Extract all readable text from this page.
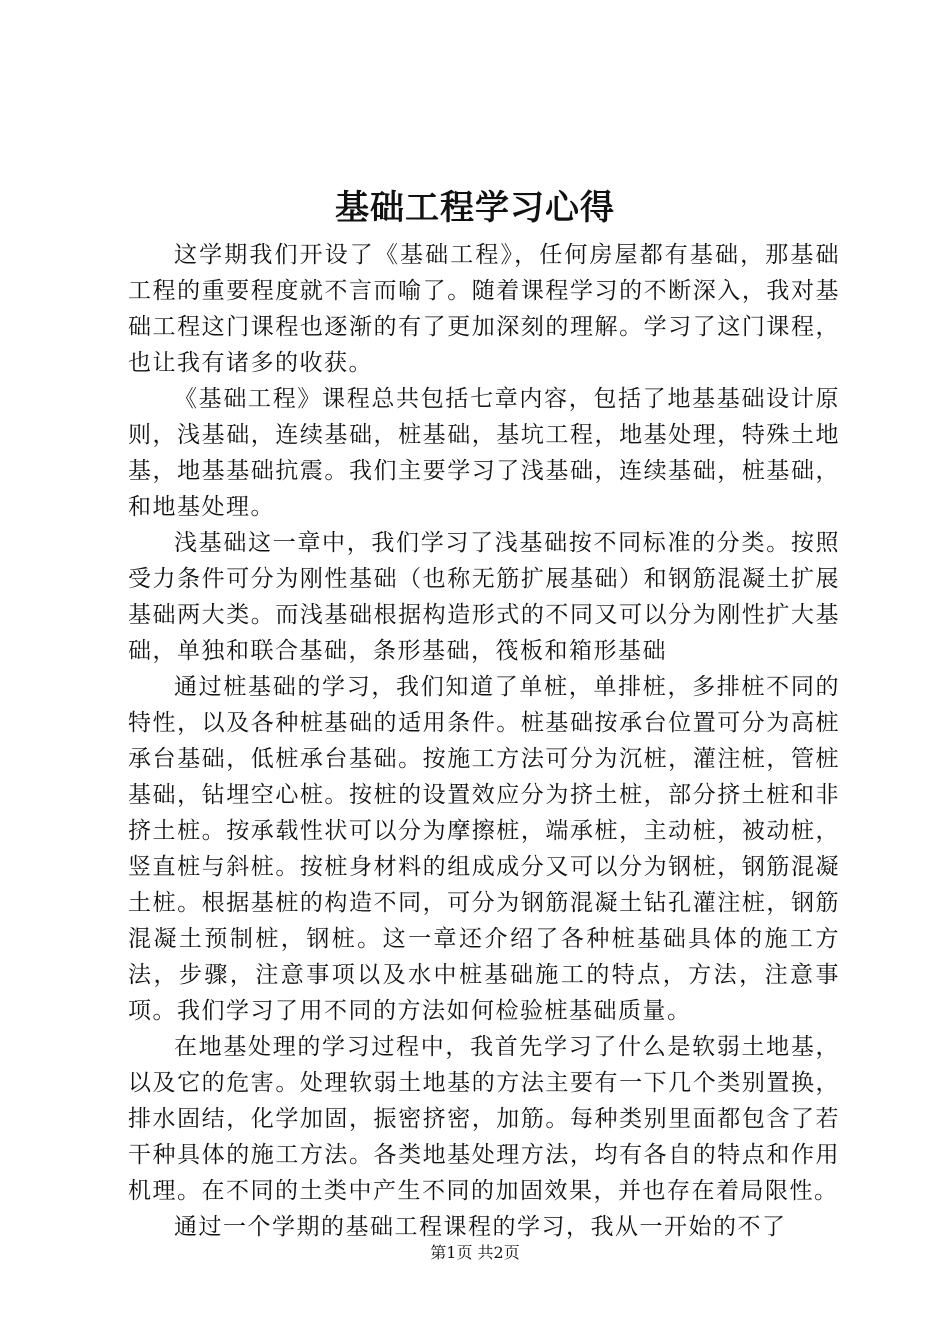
基础工程学习心得

这学期我们开设了《基础工程》，任何房屋都有基础，那基础工程的重要程度就不言而喻了。随着课程学习的不断深入，我对基础工程这门课程也逐渐的有了更加深刻的理解。学习了这门课程，也让我有诸多的收获。

《基础工程》课程总共包括七章内容，包括了地基基础设计原则，浅基础，连续基础，桩基础，基坑工程，地基处理，特殊土地基，地基基础抗震。我们主要学习了浅基础，连续基础，桩基础，和地基处理。

浅基础这一章中，我们学习了浅基础按不同标准的分类。按照受力条件可分为刚性基础（也称无筋扩展基础）和钢筋混凝土扩展基础两大类。而浅基础根据构造形式的不同又可以分为刚性扩大基础，单独和联合基础，条形基础，筏板和箱形基础

通过桩基础的学习，我们知道了单桩，单排桩，多排桩不同的特性，以及各种桩基础的适用条件。桩基础按承台位置可分为高桩承台基础，低桩承台基础。按施工方法可分为沉桩，灌注桩，管桩基础，钻埋空心桩。按桩的设置效应分为挤土桩，部分挤土桩和非挤土桩。按承载性状可以分为摩擦桩，端承桩，主动桩，被动桩，竖直桩与斜桩。按桩身材料的组成成分又可以分为钢桩，钢筋混凝土桩。根据基桩的构造不同，可分为钢筋混凝土钻孔灌注桩，钢筋混凝土预制桩，钢桩。这一章还介绍了各种桩基础具体的施工方法，步骤，注意事项以及水中桩基础施工的特点，方法，注意事项。我们学习了用不同的方法如何检验桩基础质量。

在地基处理的学习过程中，我首先学习了什么是软弱土地基，以及它的危害。处理软弱土地基的方法主要有一下几个类别置换，排水固结，化学加固，振密挤密，加筋。每种类别里面都包含了若干种具体的施工方法。各类地基处理方法，均有各自的特点和作用机理。在不同的土类中产生不同的加固效果，并也存在着局限性。

通过一个学期的基础工程课程的学习，我从一开始的不了

第1页 共2页
